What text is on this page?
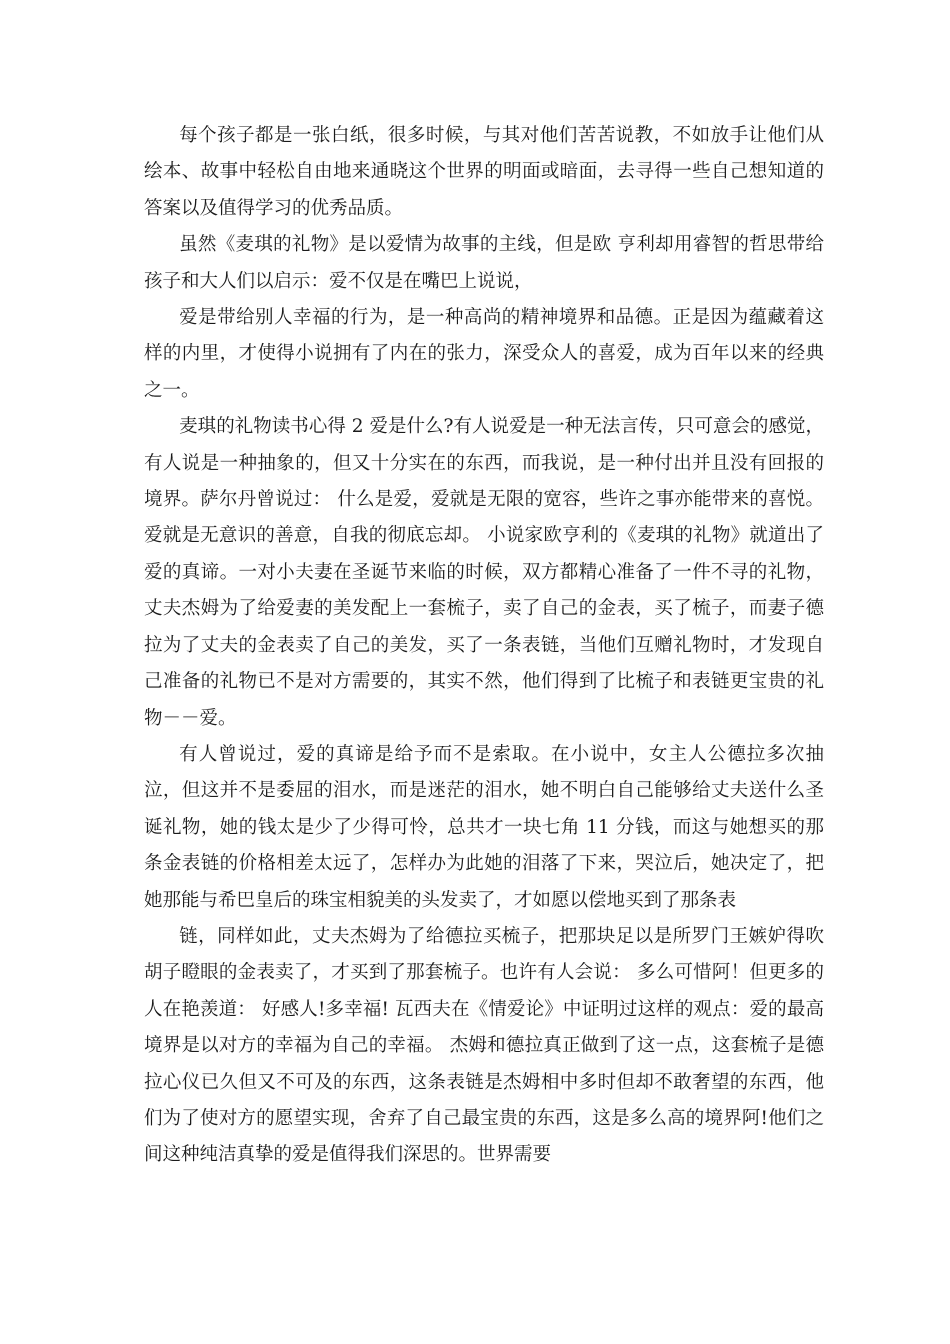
每个孩子都是一张白纸，很多时候，与其对他们苦苦说教，不如放手让他们从绘本、故事中轻松自由地来通晓这个世界的明面或暗面，去寻得一些自己想知道的答案以及值得学习的优秀品质。

虽然《麦琪的礼物》是以爱情为故事的主线，但是欧 亨利却用睿智的哲思带给孩子和大人们以启示：爱不仅是在嘴巴上说说，

爱是带给别人幸福的行为，是一种高尚的精神境界和品德。正是因为蕴藏着这样的内里，才使得小说拥有了内在的张力，深受众人的喜爱，成为百年以来的经典之一。

麦琪的礼物读书心得 2 爱是什么?有人说爱是一种无法言传，只可意会的感觉，有人说是一种抽象的，但又十分实在的东西，而我说，是一种付出并且没有回报的境界。萨尔丹曾说过： 什么是爱，爱就是无限的宽容，些许之事亦能带来的喜悦。爱就是无意识的善意，自我的彻底忘却。 小说家欧亨利的《麦琪的礼物》就道出了爱的真谛。一对小夫妻在圣诞节来临的时候，双方都精心准备了一件不寻的礼物，丈夫杰姆为了给爱妻的美发配上一套梳子，卖了自己的金表，买了梳子，而妻子德拉为了丈夫的金表卖了自己的美发，买了一条表链，当他们互赠礼物时，才发现自己准备的礼物已不是对方需要的，其实不然，他们得到了比梳子和表链更宝贵的礼物－－爱。

有人曾说过，爱的真谛是给予而不是索取。在小说中，女主人公德拉多次抽泣，但这并不是委屈的泪水，而是迷茫的泪水，她不明白自己能够给丈夫送什么圣诞礼物，她的钱太是少了少得可怜，总共才一块七角 11 分钱，而这与她想买的那条金表链的价格相差太远了，怎样办为此她的泪落了下来，哭泣后，她决定了，把她那能与希巴皇后的珠宝相貌美的头发卖了，才如愿以偿地买到了那条表

链，同样如此，丈夫杰姆为了给德拉买梳子，把那块足以是所罗门王嫉妒得吹胡子瞪眼的金表卖了，才买到了那套梳子。也许有人会说： 多么可惜阿！但更多的人在艳羡道： 好感人!多幸福! 瓦西夫在《情爱论》中证明过这样的观点：爱的最高境界是以对方的幸福为自己的幸福。 杰姆和德拉真正做到了这一点，这套梳子是德拉心仪已久但又不可及的东西，这条表链是杰姆相中多时但却不敢奢望的东西，他们为了使对方的愿望实现，舍弃了自己最宝贵的东西，这是多么高的境界阿!他们之间这种纯洁真挚的爱是值得我们深思的。世界需要
